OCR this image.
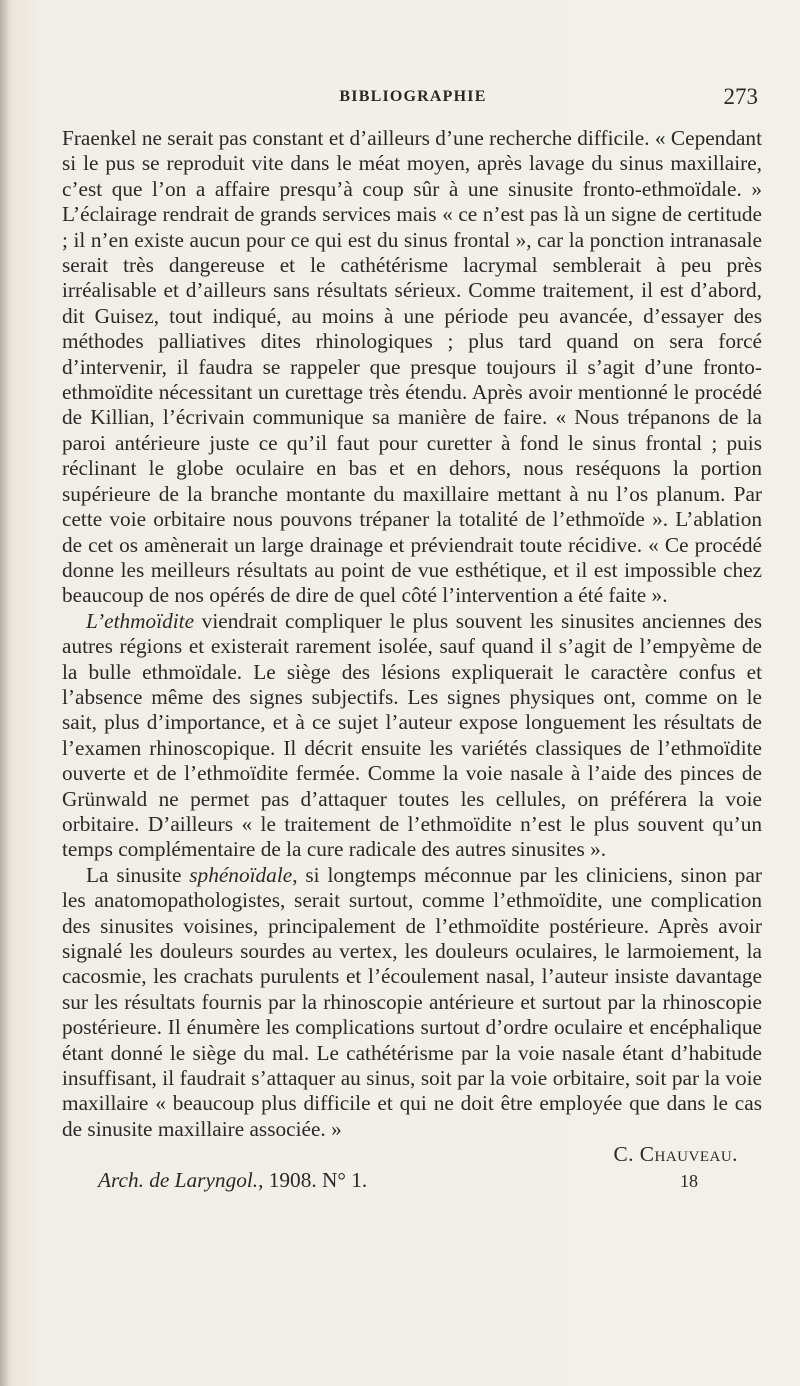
BIBLIOGRAPHIE	273

Fraenkel ne serait pas constant et d’ailleurs d’une recherche difficile. « Cependant si le pus se reproduit vite dans le méat moyen, après lavage du sinus maxillaire, c’est que l’on a affaire presqu’à coup sûr à une sinusite fronto-ethmoïdale. » L’éclairage rendrait de grands services mais « ce n’est pas là un signe de certitude ; il n’en existe aucun pour ce qui est du sinus frontal », car la ponction intranasale serait très dangereuse et le cathétérisme lacrymal semblerait à peu près irréalisable et d’ailleurs sans résultats sérieux. Comme traitement, il est d’abord, dit Guisez, tout indiqué, au moins à une période peu avancée, d’essayer des méthodes palliatives dites rhinologiques ; plus tard quand on sera forcé d’intervenir, il faudra se rappeler que presque toujours il s’agit d’une fronto-ethmoïdite nécessitant un curettage très étendu. Après avoir mentionné le procédé de Killian, l’écrivain communique sa manière de faire. « Nous trépanons de la paroi antérieure juste ce qu’il faut pour curetter à fond le sinus frontal ; puis réclinant le globe oculaire en bas et en dehors, nous reséquons la portion supérieure de la branche montante du maxillaire mettant à nu l’os planum. Par cette voie orbitaire nous pouvons trépaner la totalité de l’ethmoïde ». L’ablation de cet os amènerait un large drainage et préviendrait toute récidive. « Ce procédé donne les meilleurs résultats au point de vue esthétique, et il est impossible chez beaucoup de nos opérés de dire de quel côté l’intervention a été faite ».

L’ethmoïdite viendrait compliquer le plus souvent les sinusites anciennes des autres régions et existerait rarement isolée, sauf quand il s’agit de l’empyème de la bulle ethmoïdale. Le siège des lésions expliquerait le caractère confus et l’absence même des signes subjectifs. Les signes physiques ont, comme on le sait, plus d’importance, et à ce sujet l’auteur expose longuement les résultats de l’examen rhinoscopique. Il décrit ensuite les variétés classiques de l’ethmoïdite ouverte et de l’ethmoïdite fermée. Comme la voie nasale à l’aide des pinces de Grünwald ne permet pas d’attaquer toutes les cellules, on préférera la voie orbitaire. D’ailleurs « le traitement de l’ethmoïdite n’est le plus souvent qu’un temps complémentaire de la cure radicale des autres sinusites ».

La sinusite sphénoïdale, si longtemps méconnue par les cliniciens, sinon par les anatomopathologistes, serait surtout, comme l’ethmoïdite, une complication des sinusites voisines, principalement de l’ethmoïdite postérieure. Après avoir signalé les douleurs sourdes au vertex, les douleurs oculaires, le larmoiement, la cacosmie, les crachats purulents et l’écoulement nasal, l’auteur insiste davantage sur les résultats fournis par la rhinoscopie antérieure et surtout par la rhinoscopie postérieure. Il énumère les complications surtout d’ordre oculaire et encéphalique étant donné le siège du mal. Le cathétérisme par la voie nasale étant d’habitude insuffisant, il faudrait s’attaquer au sinus, soit par la voie orbitaire, soit par la voie maxillaire « beaucoup plus difficile et qui ne doit être employée que dans le cas de sinusite maxillaire associée. »

C. Chauveau.
Arch. de Laryngol., 1908. N° 1.	18
